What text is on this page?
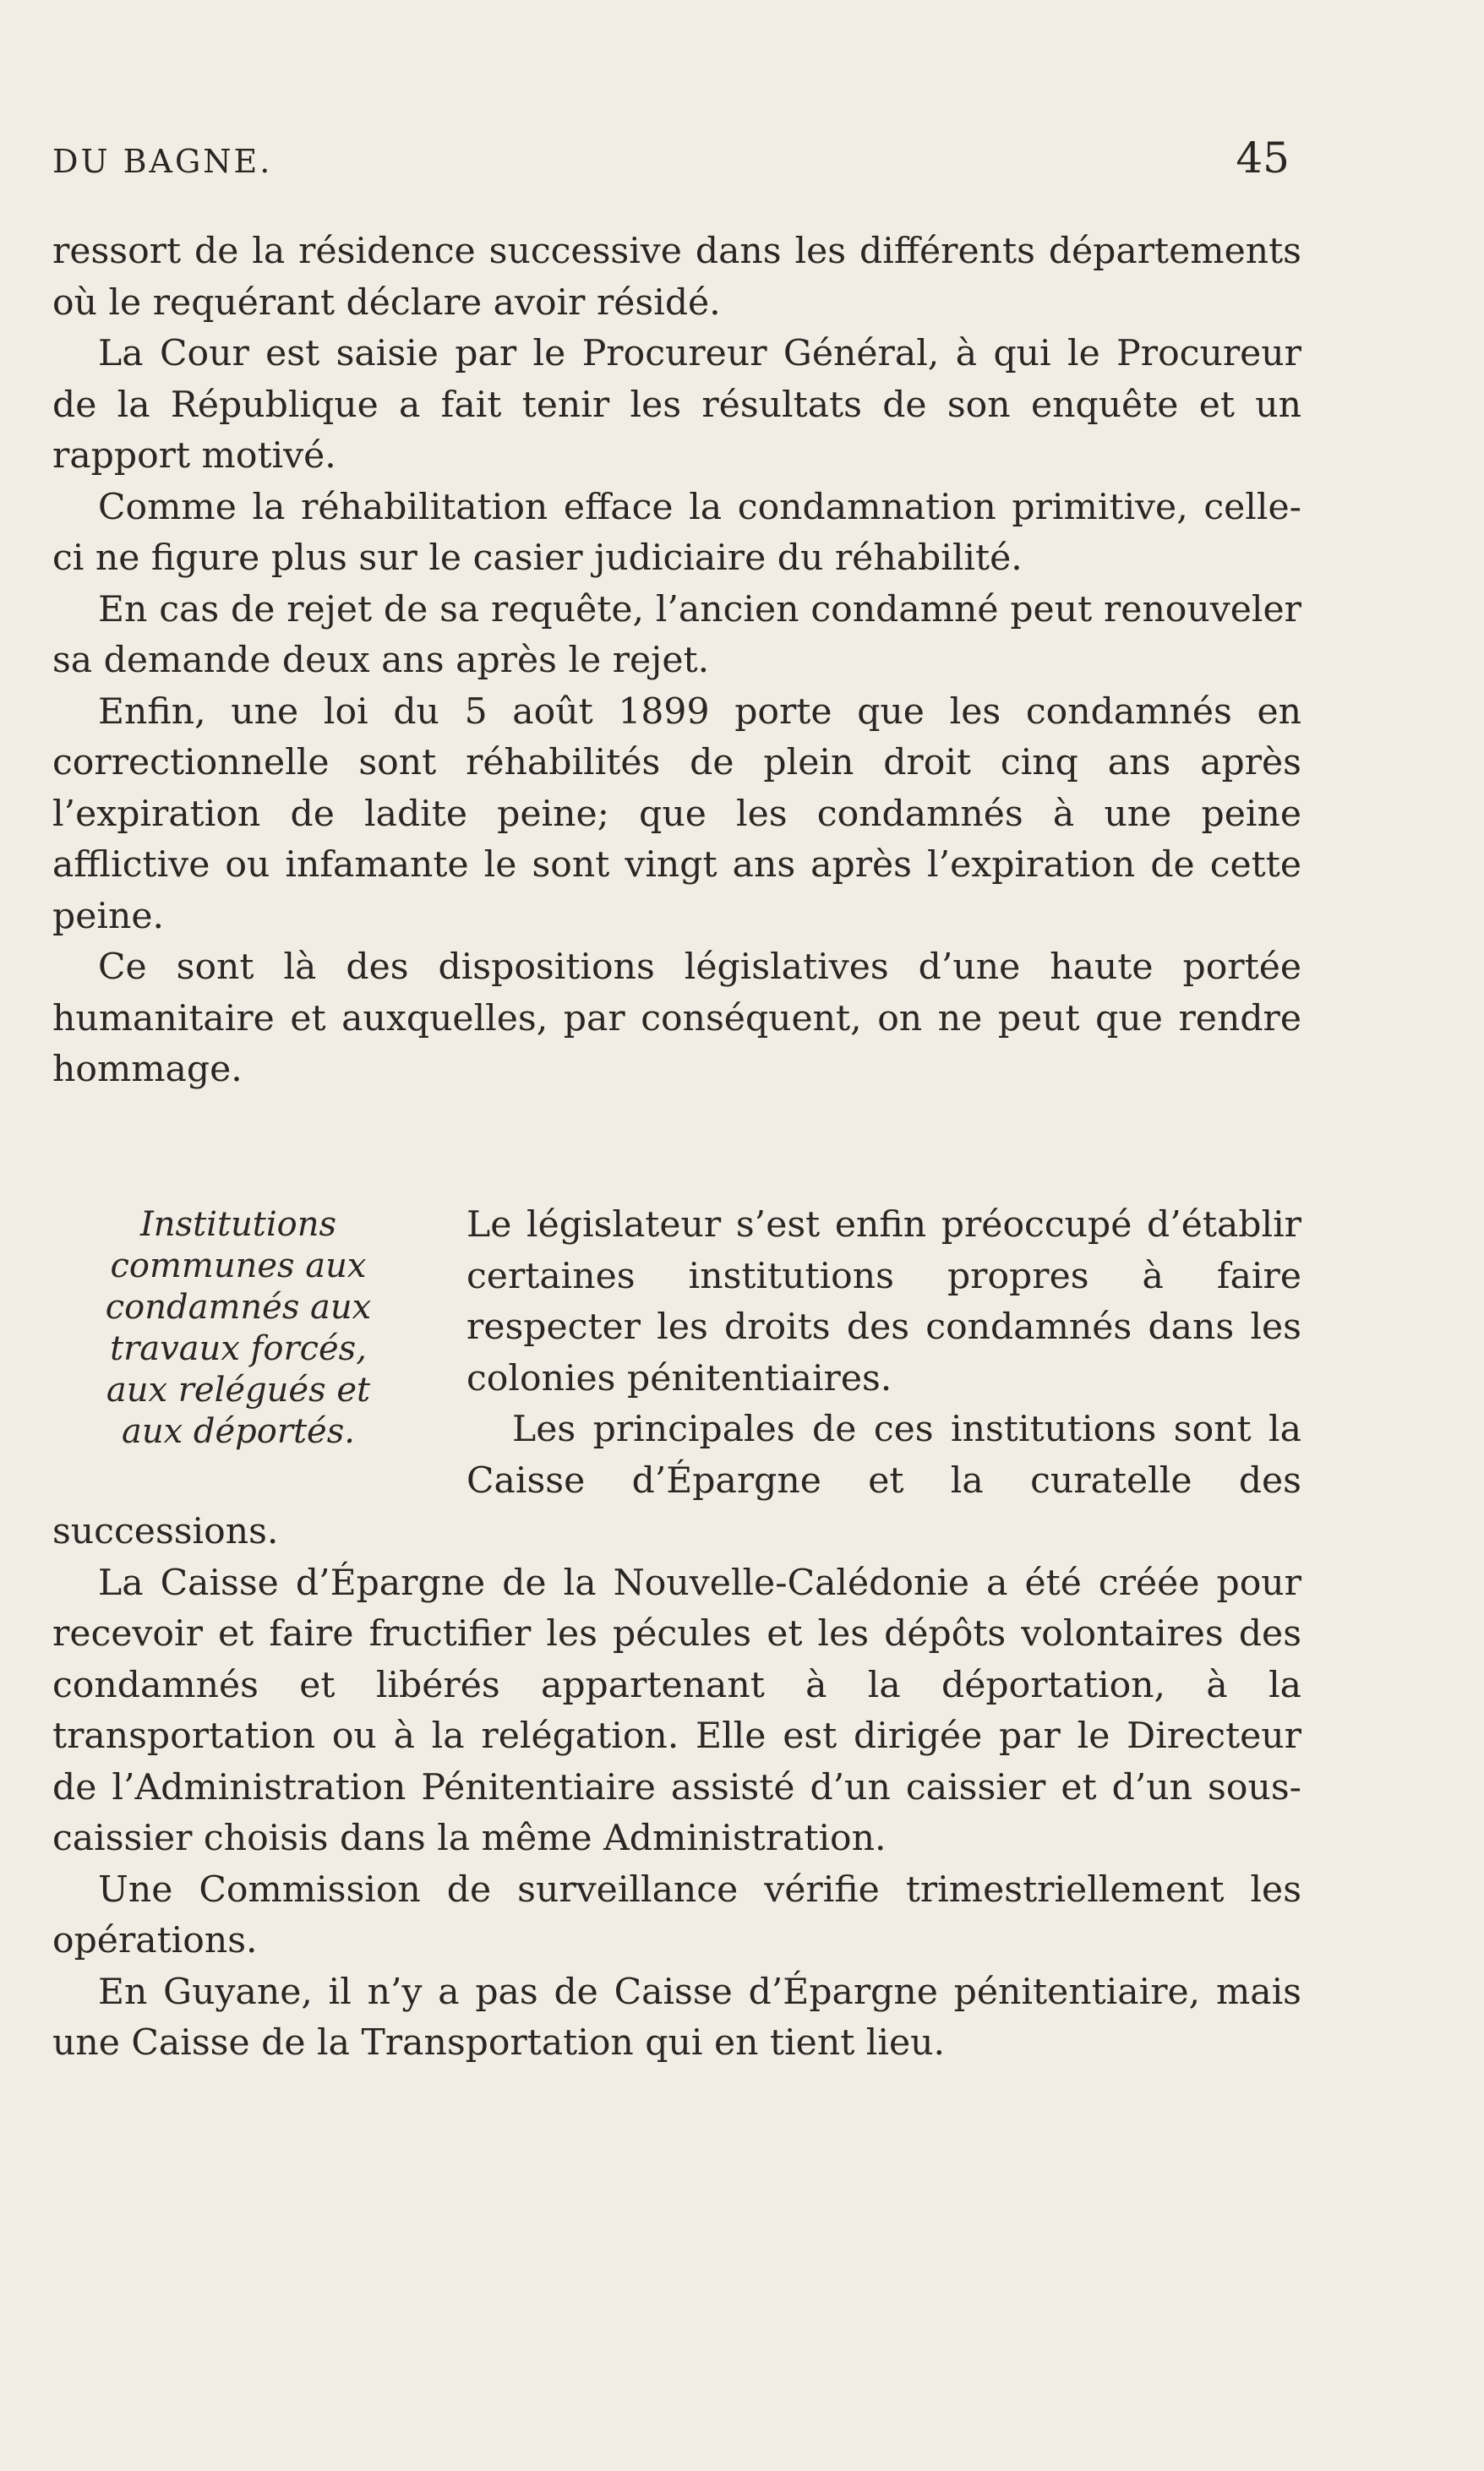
DU BAGNE.	45

ressort de la résidence successive dans les différents départements où le requérant déclare avoir résidé.

La Cour est saisie par le Procureur Général, à qui le Procureur de la République a fait tenir les résultats de son enquête et un rapport motivé.

Comme la réhabilitation efface la condamnation primitive, celle-ci ne figure plus sur le casier judiciaire du réhabilité.

En cas de rejet de sa requête, l’ancien condamné peut renouveler sa demande deux ans après le rejet.

Enfin, une loi du 5 août 1899 porte que les condamnés en correctionnelle sont réhabilités de plein droit cinq ans après l’expiration de ladite peine; que les condamnés à une peine afflictive ou infamante le sont vingt ans après l’expiration de cette peine.

Ce sont là des dispositions législatives d’une haute portée humanitaire et auxquelles, par conséquent, on ne peut que rendre hommage.

Institutions
communes aux
condamnés aux
travaux forcés,
aux relégués et
aux déportés.

Le législateur s’est enfin préoccupé d’établir certaines institutions propres à faire respecter les droits des condamnés dans les colonies pénitentiaires.

Les principales de ces institutions sont la Caisse d’Épargne et la curatelle des successions.

La Caisse d’Épargne de la Nouvelle-Calédonie a été créée pour recevoir et faire fructifier les pécules et les dépôts volontaires des condamnés et libérés appartenant à la déportation, à la transportation ou à la relégation. Elle est dirigée par le Directeur de l’Administration Pénitentiaire assisté d’un caissier et d’un sous-caissier choisis dans la même Administration.

Une Commission de surveillance vérifie trimestriellement les opérations.

En Guyane, il n’y a pas de Caisse d’Épargne pénitentiaire, mais une Caisse de la Transportation qui en tient lieu.
